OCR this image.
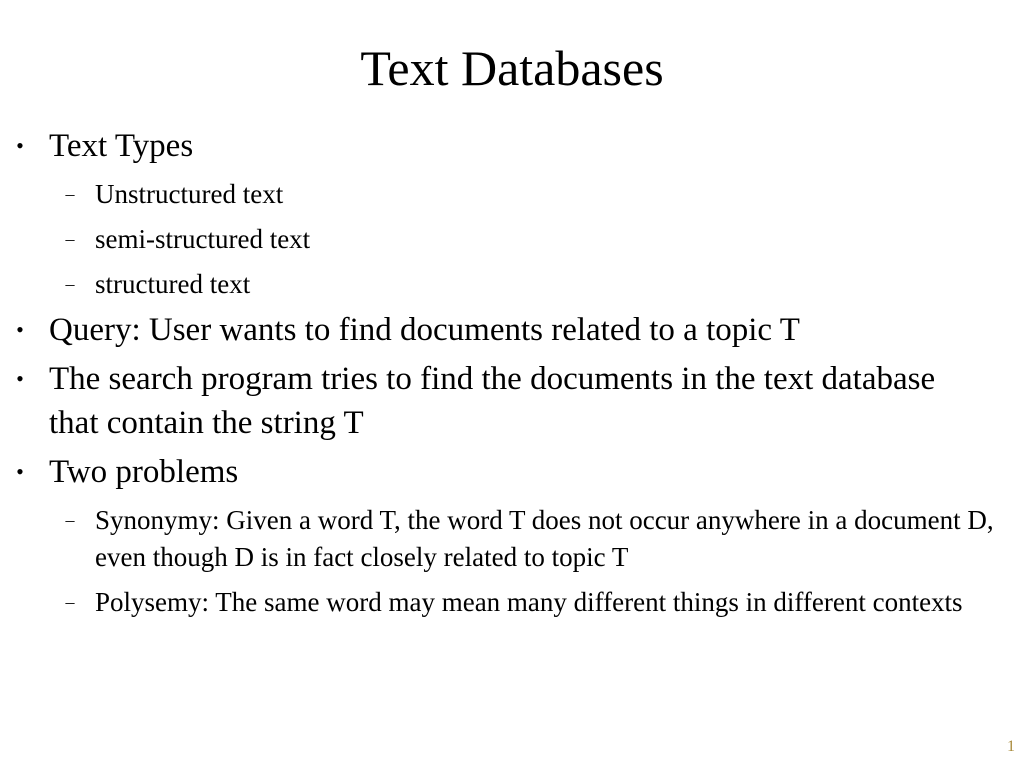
Text Databases
• Text Types
– Unstructured text
– semi-structured text
– structured text
• Query: User wants to find documents related to a topic T
• The search program tries to find the documents in the text database that contain the string T
• Two problems
– Synonymy: Given a word T, the word T does not occur anywhere in a document D, even though D is in fact closely related to topic T
– Polysemy: The same word may mean many different things in different contexts
1
